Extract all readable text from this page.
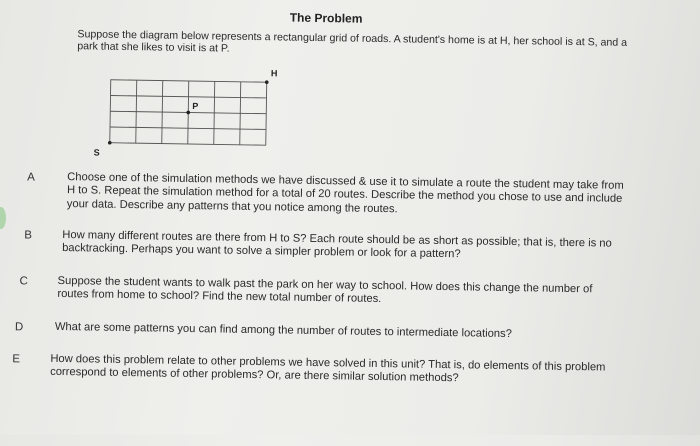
The Problem
Suppose the diagram below represents a rectangular grid of roads. A student's home is at H, her school is at S, and a park that she likes to visit is at P.
H
P
S
A	Choose one of the simulation methods we have discussed & use it to simulate a route the student may take from H to S. Repeat the simulation method for a total of 20 routes. Describe the method you chose to use and include your data. Describe any patterns that you notice among the routes.
B	How many different routes are there from H to S? Each route should be as short as possible; that is, there is no backtracking. Perhaps you want to solve a simpler problem or look for a pattern?
C	Suppose the student wants to walk past the park on her way to school. How does this change the number of routes from home to school? Find the new total number of routes.
D	What are some patterns you can find among the number of routes to intermediate locations?
E	How does this problem relate to other problems we have solved in this unit? That is, do elements of this problem correspond to elements of other problems? Or, are there similar solution methods?
